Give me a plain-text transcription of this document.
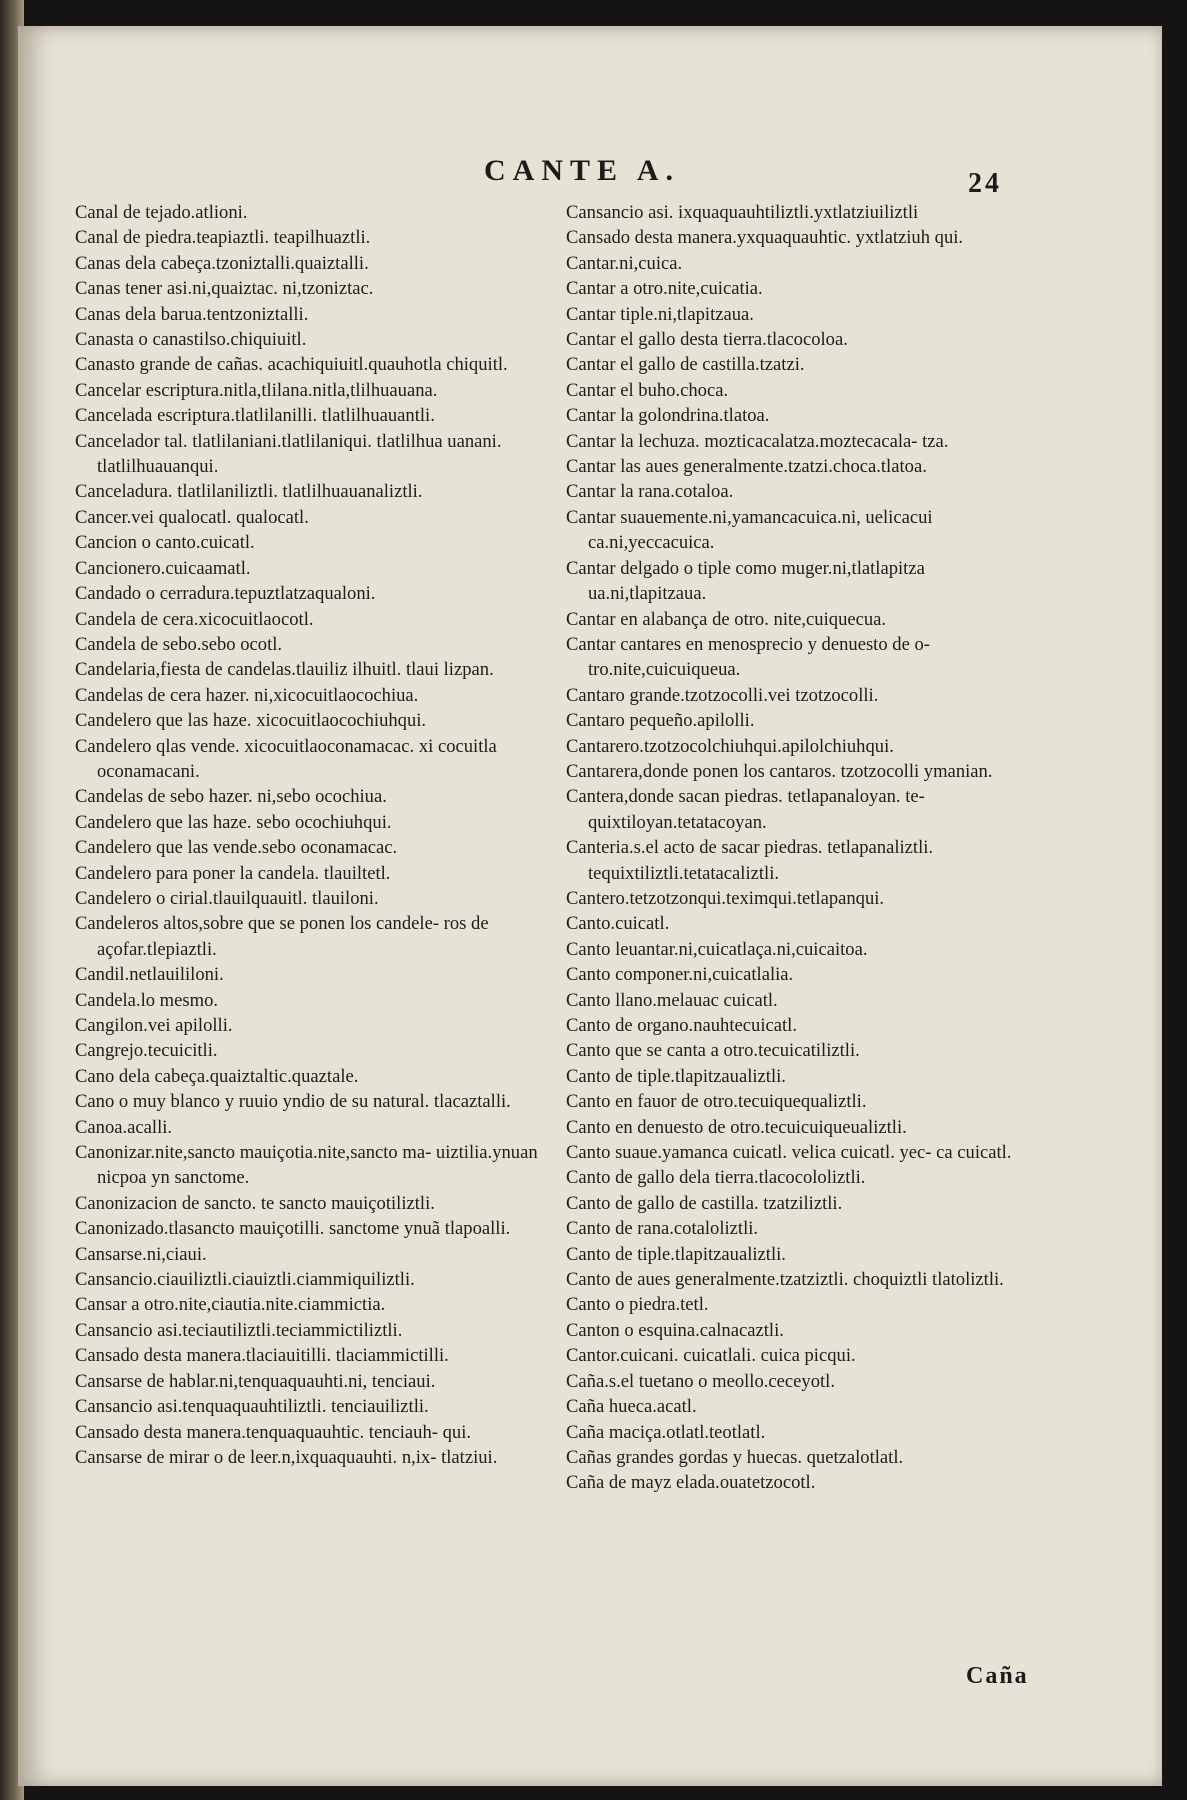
CANTE A.	24
Canal de tejado.atlioni.
Canal de piedra.teapiaztli. teapilhuaztli.
Canas dela cabeça.tzoniztalli.quaiztalli.
Canas tener asi.ni,quaiztac. ni,tzoniztac.
Canas dela barua.tentzoniztalli.
Canasta o canastilso.chiquiuitl.
Canasto grande de cañas. acachiquiuitl.quauhotla chiquitl.
Cancelar escriptura.nitla,tlilana.nitla,tlilhuauana.
Cancelada escriptura.tlatlilanilli. tlatlilhuauantli.
Cancelador tal. tlatlilaniani.tlatlilaniqui. tlatlilhua uanani. tlatlilhuauanqui.
Canceladura. tlatlilaniliztli. tlatlilhuauanaliztli.
Cancer.vei qualocatl. qualocatl.
Cancion o canto.cuicatl.
Cancionero.cuicaamatl.
Candado o cerradura.tepuztlatzaqualoni.
Candela de cera.xicocuitlaocotl.
Candela de sebo.sebo ocotl.
Candelaria,fiesta de candelas.tlauiliz ilhuitl. tlaui lizpan.
Candelas de cera hazer. ni,xicocuitlaocochiua.
Candelero que las haze. xicocuitlaocochiuhqui.
Candelero qlas vende. xicocuitlaoconamacac. xi cocuitla oconamacani.
Candelas de sebo hazer. ni,sebo ocochiua.
Candelero que las haze. sebo ocochiuhqui.
Candelero que las vende.sebo oconamacac.
Candelero para poner la candela. tlauiltetl.
Candelero o cirial.tlauilquauitl. tlauiloni.
Candeleros altos,sobre que se ponen los candele- ros de açofar.tlepiaztli.
Candil.netlauililoni.
Candela.lo mesmo.
Cangilon.vei apilolli.
Cangrejo.tecuicitli.
Cano dela cabeça.quaiztaltic.quaztale.
Cano o muy blanco y ruuio yndio de su natural. tlacaztalli.
Canoa.acalli.
Canonizar.nite,sancto mauiçotia.nite,sancto ma- uiztilia.ynuan nicpoa yn sanctome.
Canonizacion de sancto. te sancto mauiçotiliztli.
Canonizado.tlasancto mauiçotilli. sanctome ynuã tlapoalli.
Cansarse.ni,ciaui.
Cansancio.ciauiliztli.ciauiztli.ciammiquiliztli.
Cansar a otro.nite,ciautia.nite.ciammictia.
Cansancio asi.teciautiliztli.teciammictiliztli.
Cansado desta manera.tlaciauitilli. tlaciammictilli.
Cansarse de hablar.ni,tenquaquauhti.ni, tenciaui.
Cansancio asi.tenquaquauhtiliztli. tenciauiliztli.
Cansado desta manera.tenquaquauhtic. tenciauh- qui.
Cansarse de mirar o de leer.n,ixquaquauhti. n,ix- tlatziui.
Cansancio asi. ixquaquauhtiliztli.yxtlatziuiliztli
Cansado desta manera.yxquaquauhtic. yxtlatziuh qui.
Cantar.ni,cuica.
Cantar a otro.nite,cuicatia.
Cantar tiple.ni,tlapitzaua.
Cantar el gallo desta tierra.tlacocoloa.
Cantar el gallo de castilla.tzatzi.
Cantar el buho.choca.
Cantar la golondrina.tlatoa.
Cantar la lechuza. mozticacalatza.moztecacala- tza.
Cantar las aues generalmente.tzatzi.choca.tlatoa.
Cantar la rana.cotaloa.
Cantar suauemente.ni,yamancacuica.ni, uelicacui ca.ni,yeccacuica.
Cantar delgado o tiple como muger.ni,tlatlapitza ua.ni,tlapitzaua.
Cantar en alabança de otro. nite,cuiquecua.
Cantar cantares en menosprecio y denuesto de o- tro.nite,cuicuiqueua.
Cantaro grande.tzotzocolli.vei tzotzocolli.
Cantaro pequeño.apilolli.
Cantarero.tzotzocolchiuhqui.apilolchiuhqui.
Cantarera,donde ponen los cantaros. tzotzocolli ymanian.
Cantera,donde sacan piedras. tetlapanaloyan. te- quixtiloyan.tetatacoyan.
Canteria.s.el acto de sacar piedras. tetlapanaliztli. tequixtiliztli.tetatacaliztli.
Cantero.tetzotzonqui.teximqui.tetlapanqui.
Canto.cuicatl.
Canto leuantar.ni,cuicatlaça.ni,cuicaitoa.
Canto componer.ni,cuicatlalia.
Canto llano.melauac cuicatl.
Canto de organo.nauhtecuicatl.
Canto que se canta a otro.tecuicatiliztli.
Canto de tiple.tlapitzaualiztli.
Canto en fauor de otro.tecuiquequaliztli.
Canto en denuesto de otro.tecuicuiqueualiztli.
Canto suaue.yamanca cuicatl. velica cuicatl. yec- ca cuicatl.
Canto de gallo dela tierra.tlacocololiztli.
Canto de gallo de castilla. tzatziliztli.
Canto de rana.cotaloliztli.
Canto de tiple.tlapitzaualiztli.
Canto de aues generalmente.tzatziztli. choquiztli tlatoliztli.
Canto o piedra.tetl.
Canton o esquina.calnacaztli.
Cantor.cuicani. cuicatlali. cuica picqui.
Caña.s.el tuetano o meollo.ceceyotl.
Caña hueca.acatl.
Caña maciça.otlatl.teotlatl.
Cañas grandes gordas y huecas. quetzalotlatl.
Caña de mayz elada.ouatetzocotl.
Caña
